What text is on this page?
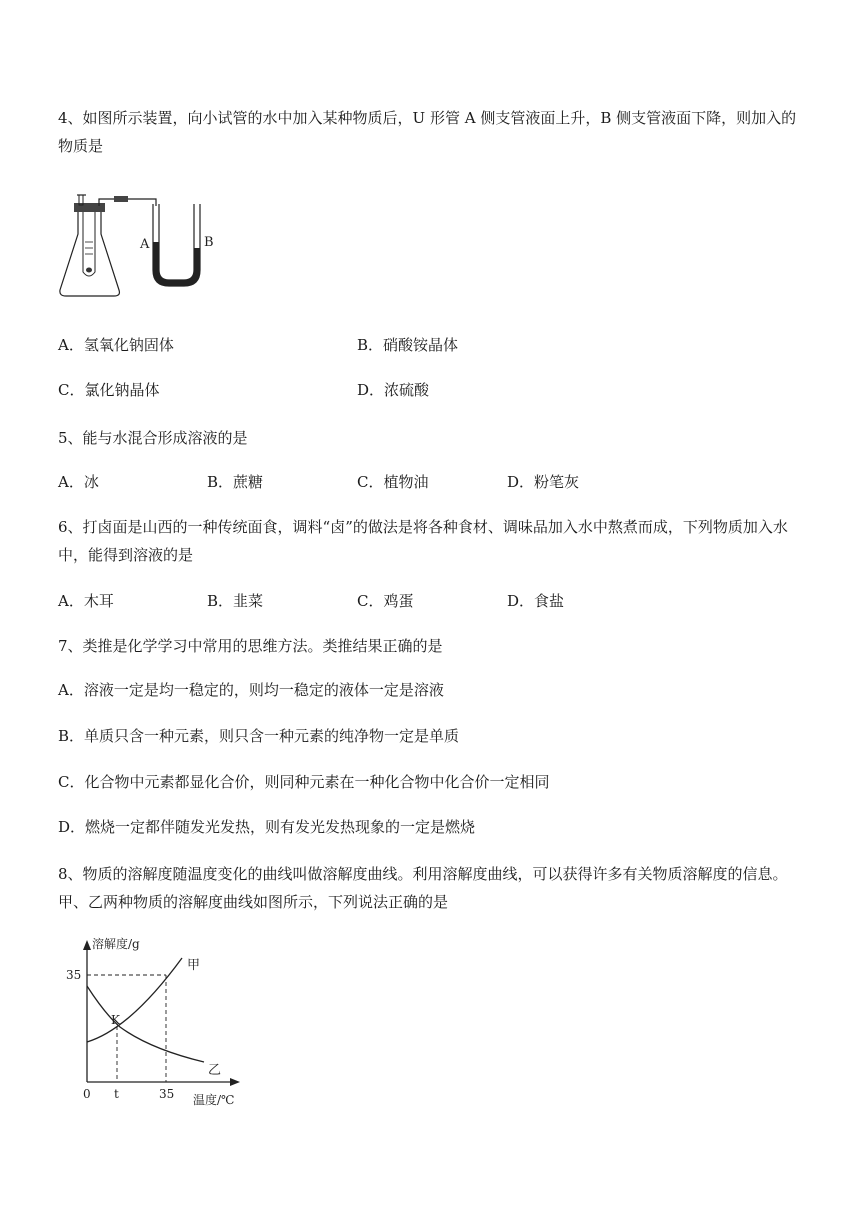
4、如图所示装置，向小试管的水中加入某种物质后，U 形管 A 侧支管液面上升，B 侧支管液面下降，则加入的物质是
A	B
A．氢氧化钠固体	B．硝酸铵晶体
C．氯化钠晶体	D．浓硫酸
5、能与水混合形成溶液的是
A．冰	B．蔗糖	C．植物油	D．粉笔灰
6、打卤面是山西的一种传统面食，调料“卤”的做法是将各种食材、调味品加入水中熬煮而成，下列物质加入水中，能得到溶液的是
A．木耳	B．韭菜	C．鸡蛋	D．食盐
7、类推是化学学习中常用的思维方法。类推结果正确的是
A．溶液一定是均一稳定的，则均一稳定的液体一定是溶液
B．单质只含一种元素，则只含一种元素的纯净物一定是单质
C．化合物中元素都显化合价，则同种元素在一种化合物中化合价一定相同
D．燃烧一定都伴随发光发热，则有发光发热现象的一定是燃烧
8、物质的溶解度随温度变化的曲线叫做溶解度曲线。利用溶解度曲线，可以获得许多有关物质溶解度的信息。甲、乙两种物质的溶解度曲线如图所示，下列说法正确的是
溶解度/g
温度/℃
35
0 t	35
甲
乙
K
